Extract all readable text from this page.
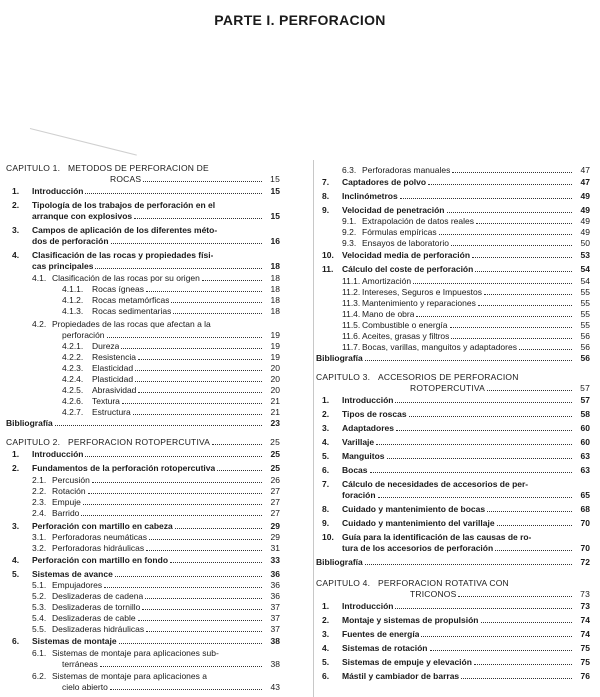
PARTE I. PERFORACION
CAPITULO 1. METODOS DE PERFORACION DE
ROCAS	15
1.	Introducción	15
2.	Tipología de los trabajos de perforación en el
arranque con explosivos	15
3.	Campos de aplicación de los diferentes méto-
dos de perforación	16
4.	Clasificación de las rocas y propiedades físi-
cas principales	18
4.1. Clasificación de las rocas por su origen	18
4.1.1.	Rocas ígneas	18
4.1.2.	Rocas metamórficas	18
4.1.3.	Rocas sedimentarias	18
4.2. Propiedades de las rocas que afectan a la
perforación	19
4.2.1.	Dureza	19
4.2.2.	Resistencia	19
4.2.3.	Elasticidad	20
4.2.4.	Plasticidad	20
4.2.5.	Abrasividad	20
4.2.6.	Textura	21
4.2.7.	Estructura	21
Bibliografía	23
CAPITULO 2. PERFORACION ROTOPERCUTIVA	25
1.	Introducción	25
2.	Fundamentos de la perforación rotopercutiva	25
2.1. Percusión	26
2.2. Rotación	27
2.3. Empuje	27
2.4. Barrido	27
3.	Perforación con martillo en cabeza	29
3.1. Perforadoras neumáticas	29
3.2. Perforadoras hidráulicas	31
4.	Perforación con martillo en fondo	33
5.	Sistemas de avance	36
5.1. Empujadores	36
5.2. Deslizaderas de cadena	36
5.3. Deslizaderas de tornillo	37
5.4. Deslizaderas de cable	37
5.5. Deslizaderas hidráulicas	37
6.	Sistemas de montaje	38
6.1. Sistemas de montaje para aplicaciones sub-
terráneas	38
6.2. Sistemas de montaje para aplicaciones a
cielo abierto	43
6.3. Perforadoras manuales	47
7.	Captadores de polvo	47
8.	Inclinómetros	49
9.	Velocidad de penetración	49
9.1. Extrapolación de datos reales	49
9.2. Fórmulas empíricas	49
9.3. Ensayos de laboratorio	50
10. Velocidad media de perforación	53
11.	Cálculo del coste de perforación	54
11.1. Amortización	54
11.2. Intereses, Seguros e Impuestos	55
11.3. Mantenimiento y reparaciones	55
11.4. Mano de obra	55
11.5. Combustible o energía	55
11.6. Aceites, grasas y filtros	56
11.7. Bocas, varillas, manguitos y adaptadores	56
Bibliografía	56
CAPITULO 3. ACCESORIOS DE PERFORACION
ROTOPERCUTIVA	57
1.	Introducción	57
2.	Tipos de roscas	58
3.	Adaptadores	60
4.	Varillaje	60
5.	Manguitos	63
6.	Bocas	63
7.	Cálculo de necesidades de accesorios de per-
foración	65
8.	Cuidado y mantenimiento de bocas	68
9.	Cuidado y mantenimiento del varillaje	70
10. Guía para la identificación de las causas de ro-
tura de los accesorios de perforación	70
Bibliografía	72
CAPITULO 4. PERFORACION ROTATIVA CON
TRICONOS	73
1.	Introducción	73
2.	Montaje y sistemas de propulsión	74
3.	Fuentes de energía	74
4.	Sistemas de rotación	75
5.	Sistemas de empuje y elevación	75
6.	Mástil y cambiador de barras	76
